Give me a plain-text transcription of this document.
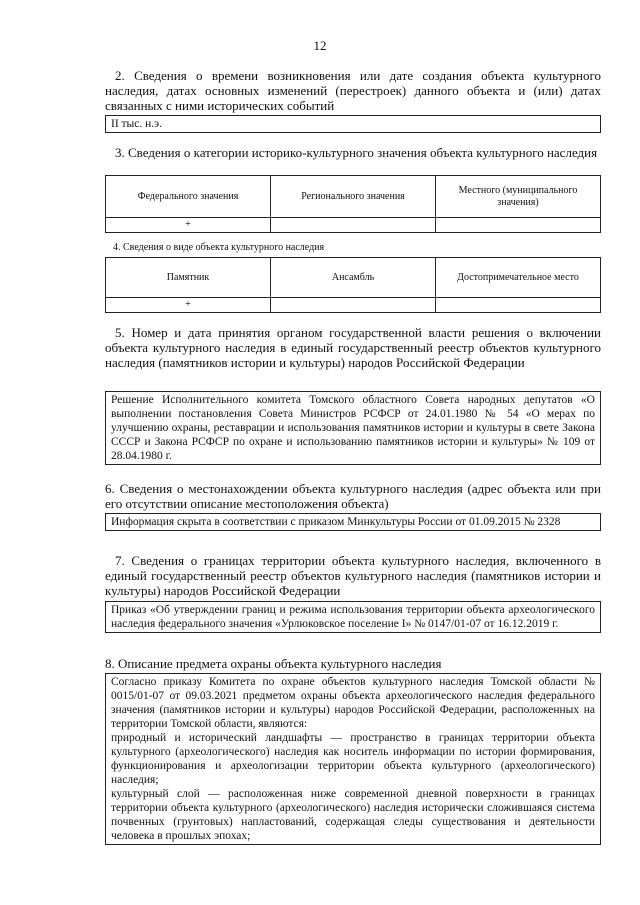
12
2. Сведения о времени возникновения или дате создания объекта культурного наследия, датах основных изменений (перестроек) данного объекта и (или) датах связанных с ними исторических событий
II тыс. н.э.
3. Сведения о категории историко-культурного значения объекта культурного наследия
Федерального значения	Регионального значения	Местного (муниципального значения)
+		
4. Сведения о виде объекта культурного наследия
Памятник	Ансамбль	Достопримечательное место
+		
5. Номер и дата принятия органом государственной власти решения о включении объекта культурного наследия в единый государственный реестр объектов культурного наследия (памятников истории и культуры) народов Российской Федерации
Решение Исполнительного комитета Томского областного Совета народных депутатов «О выполнении постановления Совета Министров РСФСР от 24.01.1980 № 54 «О мерах по улучшению охраны, реставрации и использования памятников истории и культуры в свете Закона СССР и Закона РСФСР по охране и использованию памятников истории и культуры» № 109 от 28.04.1980 г.
6. Сведения о местонахождении объекта культурного наследия (адрес объекта или при его отсутствии описание местоположения объекта)
Информация скрыта в соответствии с приказом Минкультуры России от 01.09.2015 № 2328
7. Сведения о границах территории объекта культурного наследия, включенного в единый государственный реестр объектов культурного наследия (памятников истории и культуры) народов Российской Федерации
Приказ «Об утверждении границ и режима использования территории объекта археологического наследия федерального значения «Урлюковское поселение I» № 0147/01-07 от 16.12.2019 г.
8. Описание предмета охраны объекта культурного наследия

Согласно приказу Комитета по охране объектов культурного наследия Томской области № 0015/01-07 от 09.03.2021 предметом охраны объекта археологического наследия федерального значения (памятников истории и культуры) народов Российской Федерации, расположенных на территории Томской области, являются:

природный и исторический ландшафты — пространство в границах территории объекта культурного (археологического) наследия как носитель информации по истории формирования, функционирования и археологизации территории объекта культурного (археологического) наследия;

культурный слой — расположенная ниже современной дневной поверхности в границах территории объекта культурного (археологического) наследия исторически сложившаяся система почвенных (грунтовых) напластований, содержащая следы существования и деятельности человека в прошлых эпохах;
